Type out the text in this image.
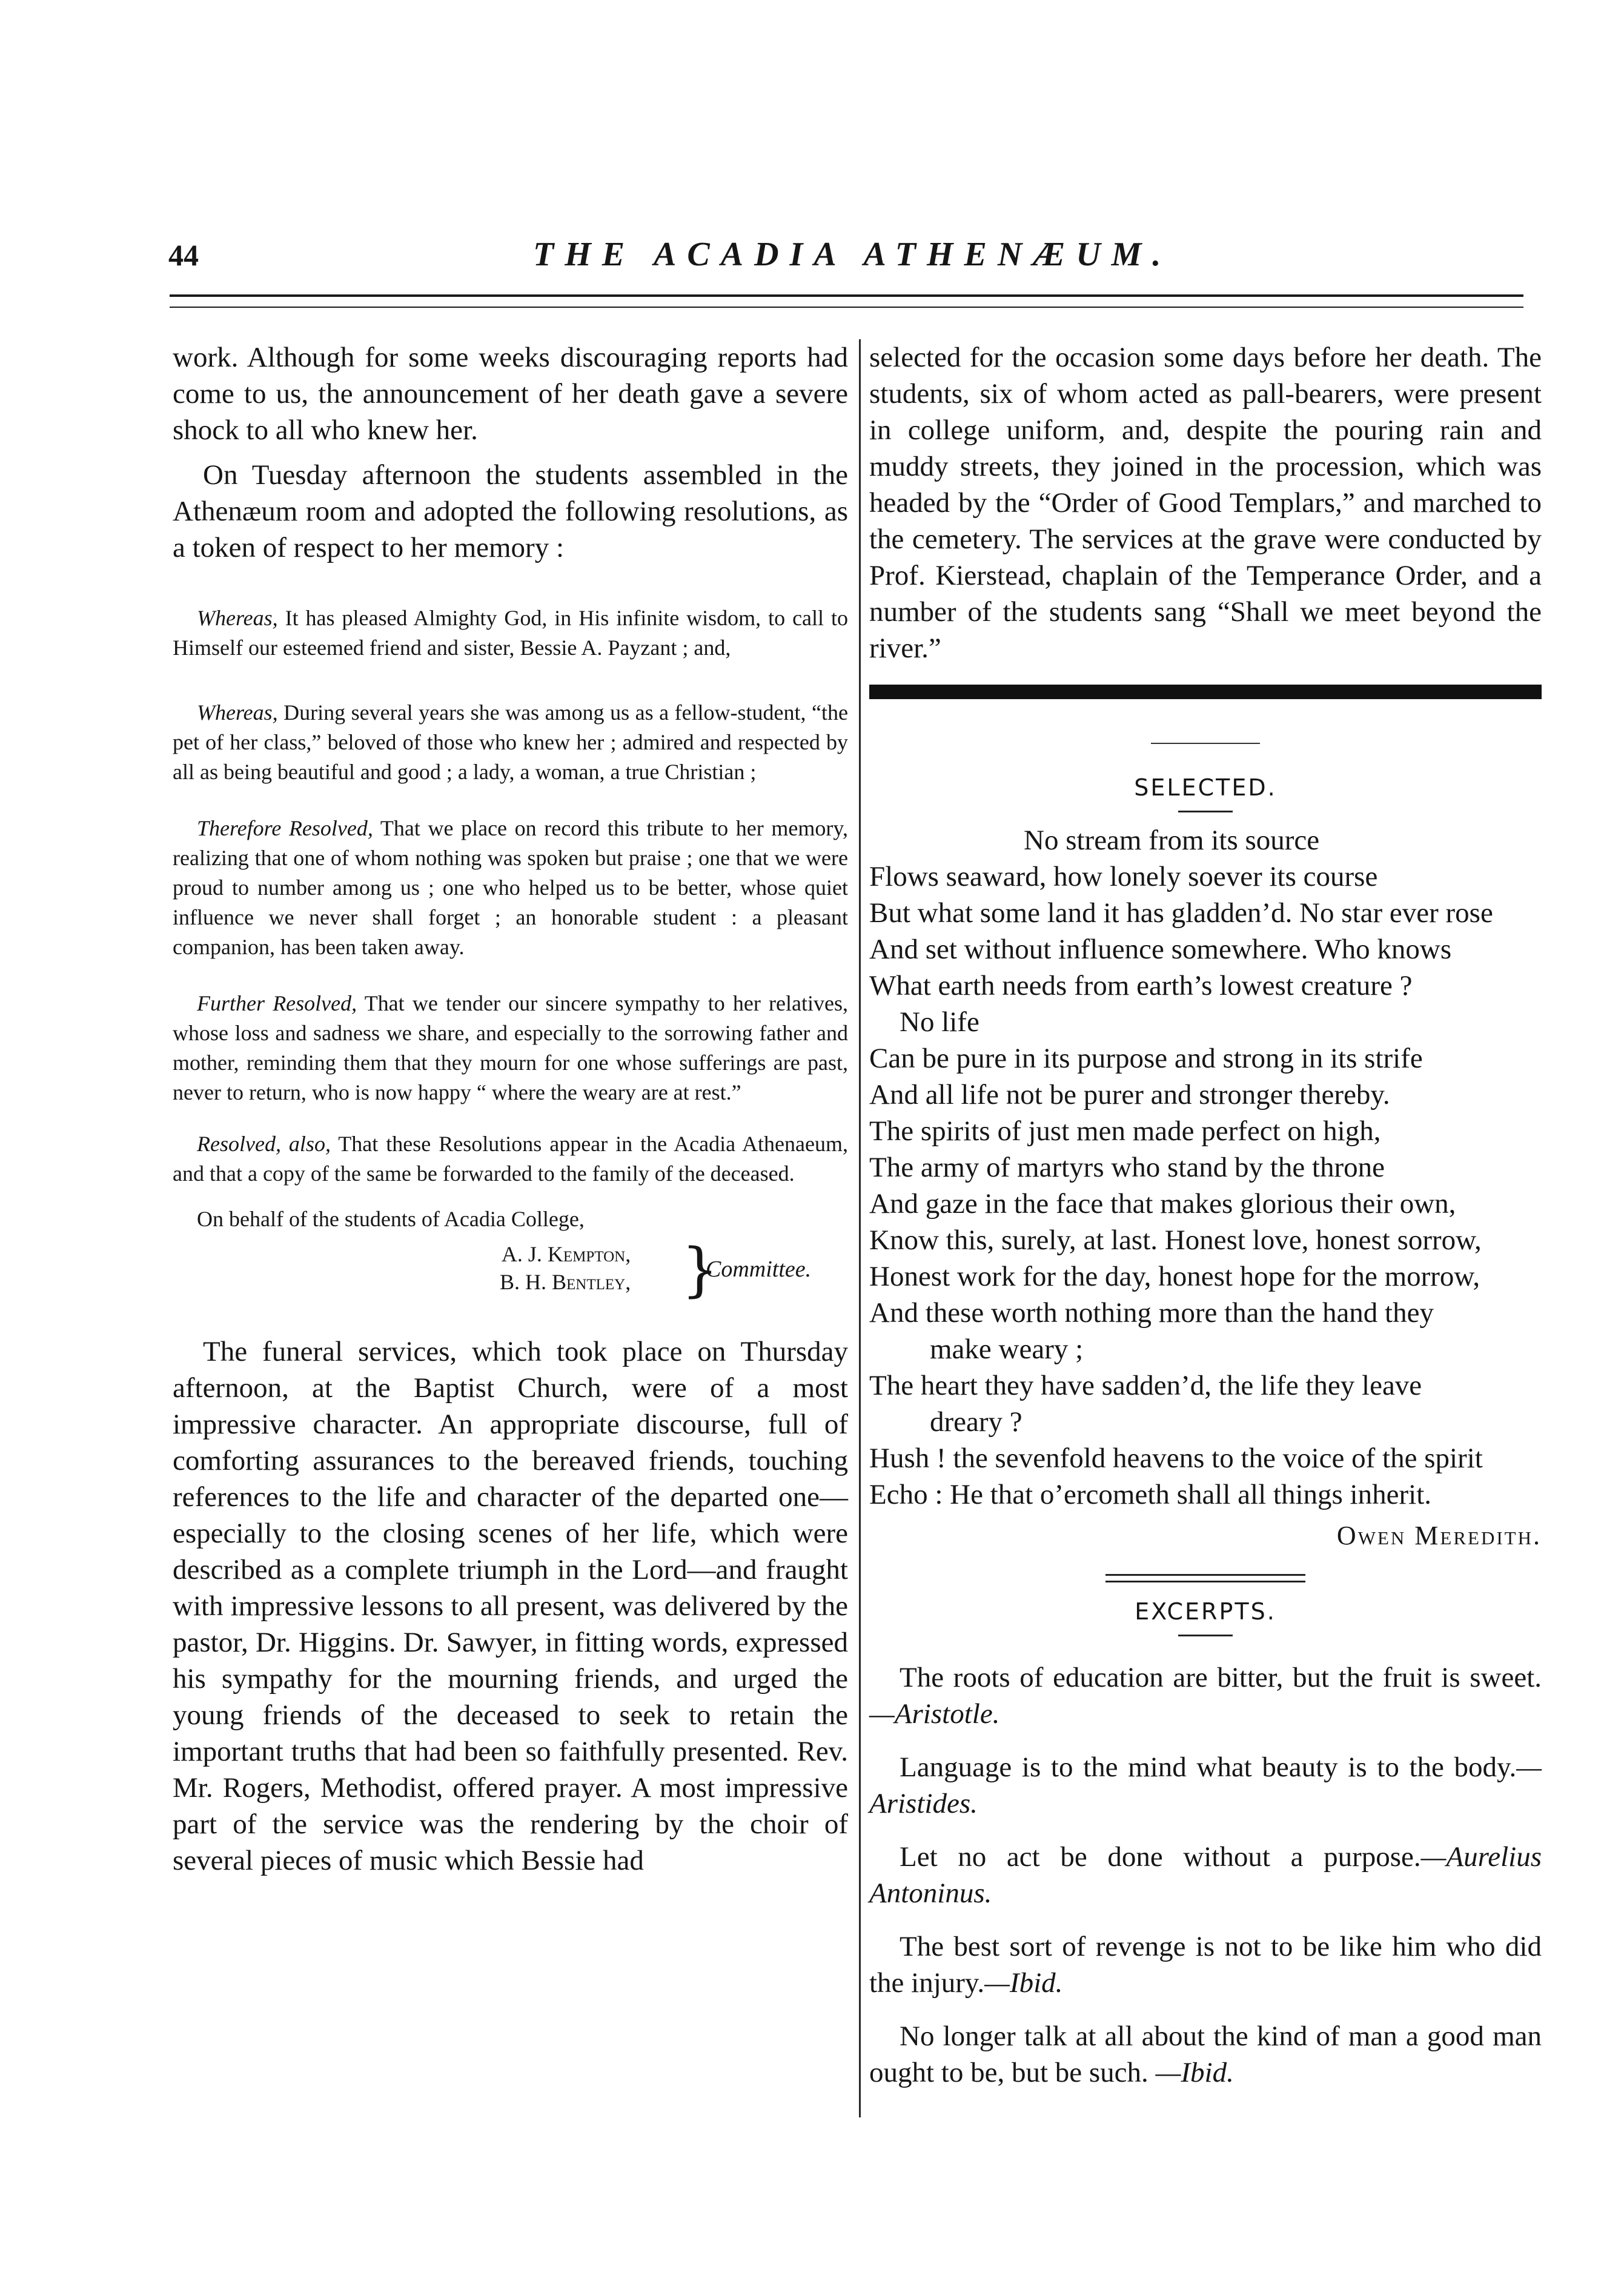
44	THE ACADIA ATHENÆUM.

work. Although for some weeks discouraging reports had come to us, the announcement of her death gave a severe shock to all who knew her.

On Tuesday afternoon the students assembled in the Athenæum room and adopted the following resolutions, as a token of respect to her memory :

Whereas, It has pleased Almighty God, in His infinite wisdom, to call to Himself our esteemed friend and sister, Bessie A. Payzant ; and,

Whereas, During several years she was among us as a fellow-student, “the pet of her class,” beloved of those who knew her ; admired and respected by all as being beautiful and good ; a lady, a woman, a true Christian ;

Therefore Resolved, That we place on record this tribute to her memory, realizing that one of whom nothing was spoken but praise ; one that we were proud to number among us ; one who helped us to be better, whose quiet influence we never shall forget ; an honorable student : a pleasant companion, has been taken away.

Further Resolved, That we tender our sincere sympathy to her relatives, whose loss and sadness we share, and especially to the sorrowing father and mother, reminding them that they mourn for one whose sufferings are past, never to return, who is now happy “ where the weary are at rest.”

Resolved, also, That these Resolutions appear in the Acadia Athenaeum, and that a copy of the same be forwarded to the family of the deceased.

On behalf of the students of Acadia College,

A. J. Kempton,
B. H. Bentley, }
Committee.

The funeral services, which took place on Thursday afternoon, at the Baptist Church, were of a most impressive character. An appropriate discourse, full of comforting assurances to the bereaved friends, touching references to the life and character of the departed one—especially to the closing scenes of her life, which were described as a complete triumph in the Lord—and fraught with impressive lessons to all present, was delivered by the pastor, Dr. Higgins. Dr. Sawyer, in fitting words, expressed his sympathy for the mourning friends, and urged the young friends of the deceased to seek to retain the important truths that had been so faithfully presented. Rev. Mr. Rogers, Methodist, offered prayer. A most impressive part of the service was the rendering by the choir of several pieces of music which Bessie had

selected for the occasion some days before her death. The students, six of whom acted as pall-bearers, were present in college uniform, and, despite the pouring rain and muddy streets, they joined in the procession, which was headed by the “Order of Good Templars,” and marched to the cemetery. The services at the grave were conducted by Prof. Kierstead, chaplain of the Temperance Order, and a number of the students sang “Shall we meet beyond the river.”

SELECTED.
No stream from its source
Flows seaward, how lonely soever its course
But what some land it has gladden’d. No star ever rose
And set without influence somewhere. Who knows
What earth needs from earth’s lowest creature ?
No life
Can be pure in its purpose and strong in its strife
And all life not be purer and stronger thereby.
The spirits of just men made perfect on high,
The army of martyrs who stand by the throne
And gaze in the face that makes glorious their own,
Know this, surely, at last. Honest love, honest sorrow,
Honest work for the day, honest hope for the morrow,
And these worth nothing more than the hand they
make weary ;
The heart they have sadden’d, the life they leave
dreary ?
Hush ! the sevenfold heavens to the voice of the spirit
Echo : He that o’ercometh shall all things inherit.
Owen Meredith.
EXCERPTS.

The roots of education are bitter, but the fruit is sweet.—Aristotle.

Language is to the mind what beauty is to the body.—Aristides.

Let no act be done without a purpose.—Aurelius Antoninus.

The best sort of revenge is not to be like him who did the injury.—Ibid.

No longer talk at all about the kind of man a good man ought to be, but be such. —Ibid.
